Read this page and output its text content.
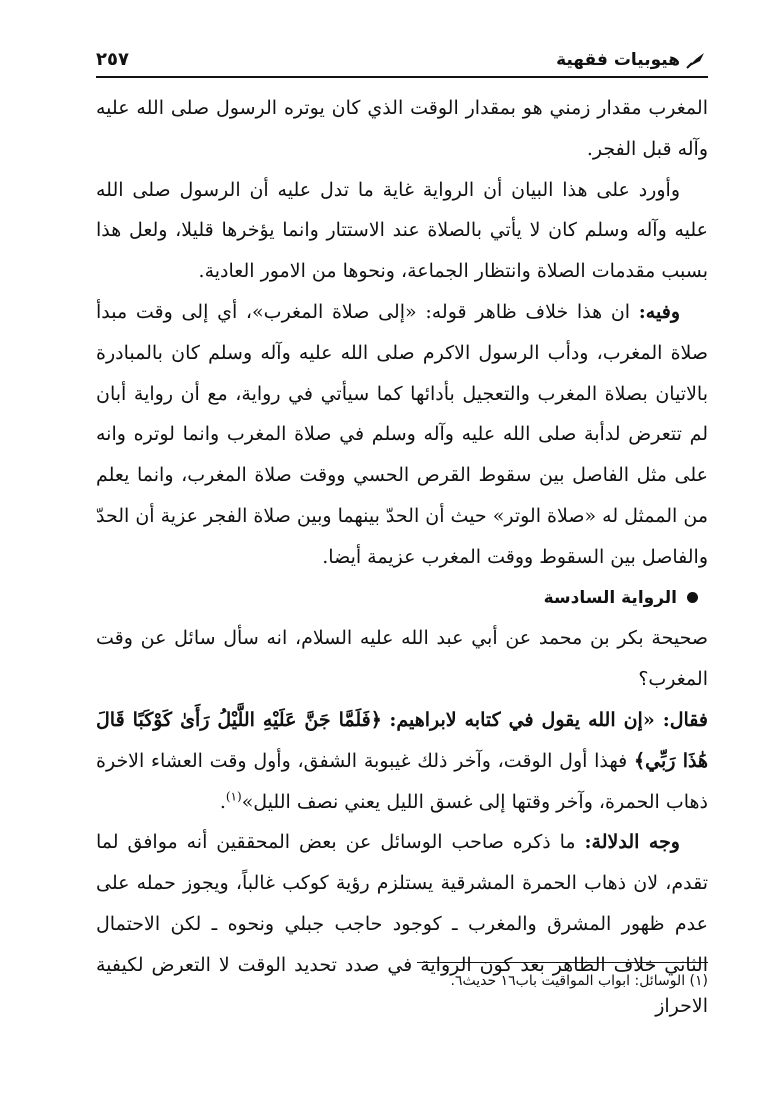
هيوبيات فقهية
٢٥٧

المغرب مقدار زمني هو بمقدار الوقت الذي كان يوتره الرسول صلى الله عليه وآله قبل الفجر.

وأورد على هذا البيان أن الرواية غاية ما تدل عليه أن الرسول صلى الله عليه وآله وسلم كان لا يأتي بالصلاة عند الاستتار وانما يؤخرها قليلا، ولعل هذا بسبب مقدمات الصلاة وانتظار الجماعة، ونحوها من الامور العادية.

وفيه: ان هذا خلاف ظاهر قوله: «إلى صلاة المغرب»، أي إلى وقت مبدأ صلاة المغرب، ودأب الرسول الاكرم صلى الله عليه وآله وسلم كان بالمبادرة بالاتيان بصلاة المغرب والتعجيل بأدائها كما سيأتي في رواية، مع أن رواية أبان لم تتعرض لدأبة صلى الله عليه وآله وسلم في صلاة المغرب وانما لوتره وانه على مثل الفاصل بين سقوط القرص الحسي ووقت صلاة المغرب، وانما يعلم من الممثل له «صلاة الوتر» حيث أن الحدّ بينهما وبين صلاة الفجر عزية أن الحدّ والفاصل بين السقوط ووقت المغرب عزيمة أيضا.

الرواية السادسة

صحيحة بكر بن محمد عن أبي عبد الله عليه السلام، انه سأل سائل عن وقت المغرب؟

فقال: «إن الله يقول في كتابه لابراهيم: ﴿فَلَمَّا جَنَّ عَلَيْهِ اللَّيْلُ رَأَىٰ كَوْكَبًا قَالَ هَٰذَا رَبِّي﴾ فهذا أول الوقت، وآخر ذلك غيبوبة الشفق، وأول وقت العشاء الاخرة ذهاب الحمرة، وآخر وقتها إلى غسق الليل يعني نصف الليل»$^{(١)}$.

وجه الدلالة: ما ذكره صاحب الوسائل عن بعض المحققين أنه موافق لما تقدم، لان ذهاب الحمرة المشرقية يستلزم رؤية كوكب غالباً، ويجوز حمله على عدم ظهور المشرق والمغرب ـ كوجود حاجب جبلي ونحوه ـ لكن الاحتمال الثاني خلاف الظاهر بعد كون الرواية في صدد تحديد الوقت لا التعرض لكيفية الاحراز

(١) الوسائل: ابواب المواقيت باب١٦ حديث٦.
